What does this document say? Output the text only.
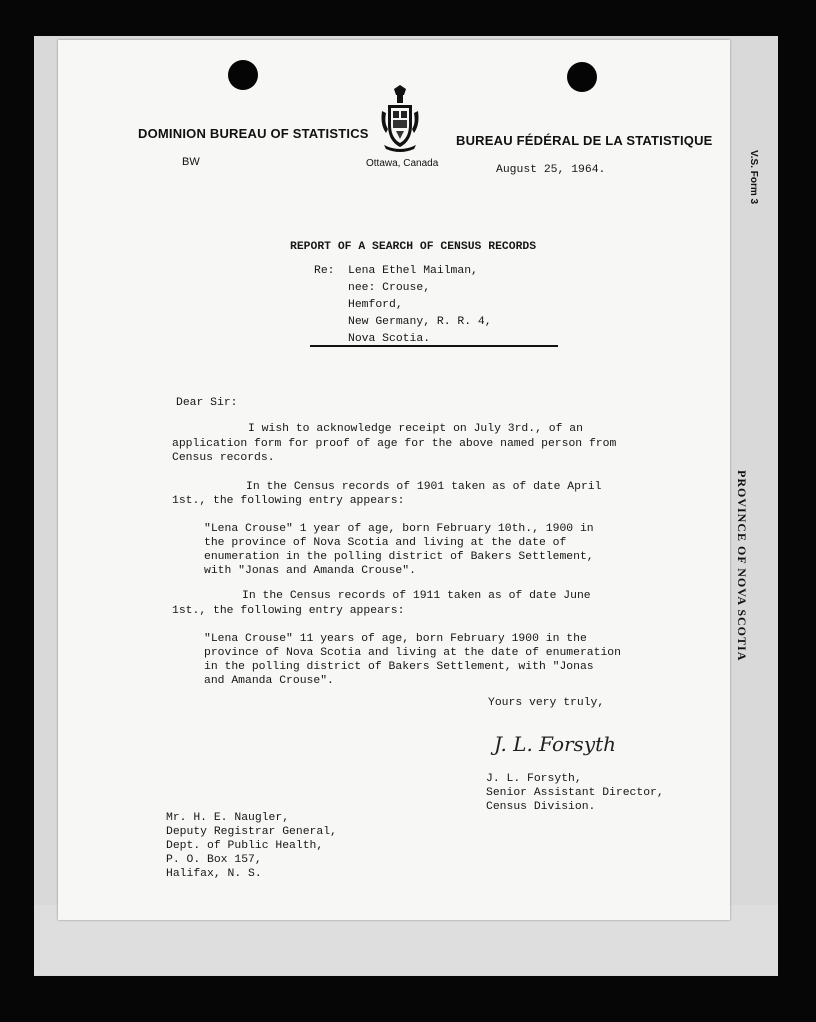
V.S. Form 3
PROVINCE OF NOVA SCOTIA
DOMINION BUREAU OF STATISTICS	BUREAU FÉDÉRAL DE LA STATISTIQUE
BW	Ottawa, Canada
August 25, 1964.
REPORT OF A SEARCH OF CENSUS RECORDS
Re: Lena Ethel Mailman,
nee: Crouse,
Hemford,
New Germany, R. R. 4,
Nova Scotia.
Dear Sir:
I wish to acknowledge receipt on July 3rd., of an
application form for proof of age for the above named person from
Census records.
In the Census records of 1901 taken as of date April
1st., the following entry appears:
"Lena Crouse" 1 year of age, born February 10th., 1900 in
the province of Nova Scotia and living at the date of
enumeration in the polling district of Bakers Settlement,
with "Jonas and Amanda Crouse".
In the Census records of 1911 taken as of date June
1st., the following entry appears:
"Lena Crouse" 11 years of age, born February 1900 in the
province of Nova Scotia and living at the date of enumeration
in the polling district of Bakers Settlement, with "Jonas
and Amanda Crouse".
Yours very truly,
J. L. Forsyth
J. L. Forsyth,
Senior Assistant Director,
Census Division.
Mr. H. E. Naugler,
Deputy Registrar General,
Dept. of Public Health,
P. O. Box 157,
Halifax, N. S.
